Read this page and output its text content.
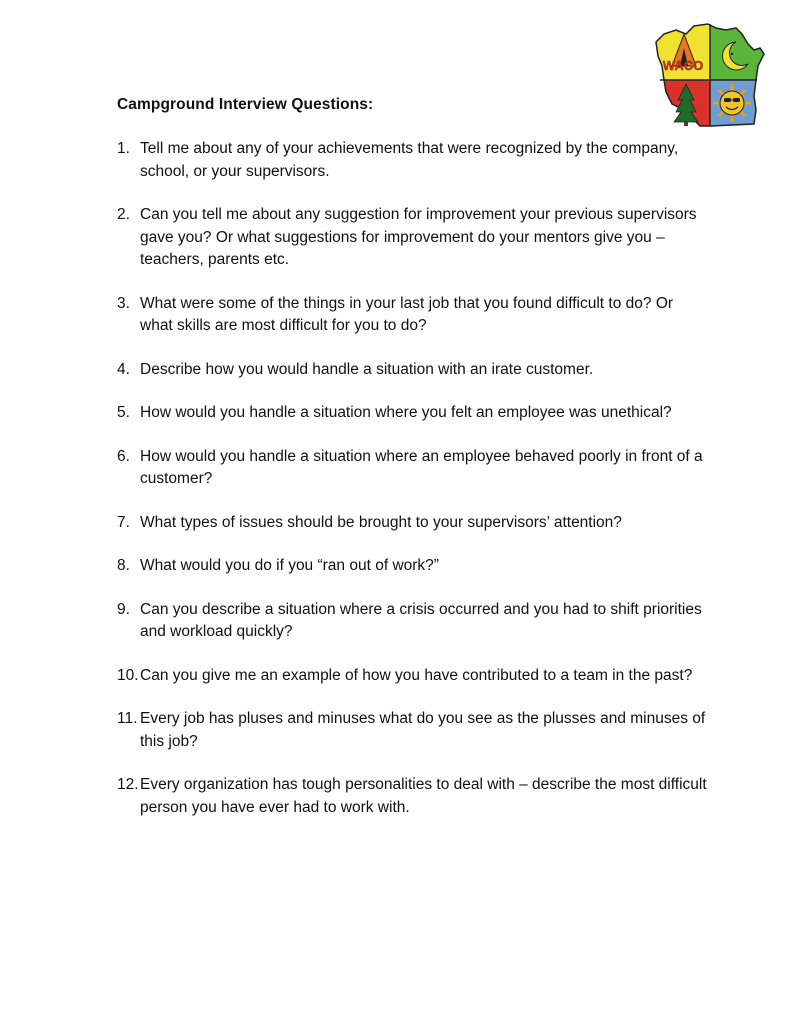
WACO
Campground Interview Questions:
1. Tell me about any of your achievements that were recognized by the company, school, or your supervisors.
2. Can you tell me about any suggestion for improvement your previous supervisors gave you? Or what suggestions for improvement do your mentors give you – teachers, parents etc.
3. What were some of the things in your last job that you found difficult to do? Or what skills are most difficult for you to do?
4. Describe how you would handle a situation with an irate customer.
5. How would you handle a situation where you felt an employee was unethical?
6. How would you handle a situation where an employee behaved poorly in front of a customer?
7. What types of issues should be brought to your supervisors’ attention?
8. What would you do if you “ran out of work?”
9. Can you describe a situation where a crisis occurred and you had to shift priorities and workload quickly?
10. Can you give me an example of how you have contributed to a team in the past?
11. Every job has pluses and minuses what do you see as the plusses and minuses of this job?
12. Every organization has tough personalities to deal with – describe the most difficult person you have ever had to work with.
